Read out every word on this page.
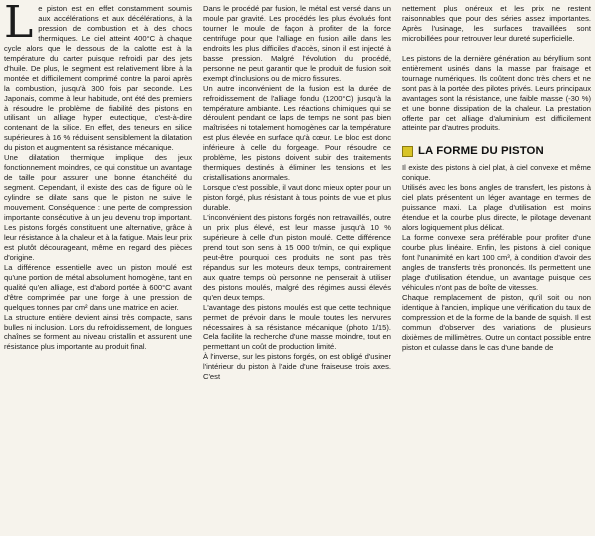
Le piston est en effet constamment soumis aux accélérations et aux décélérations, à la pression de combustion et à des chocs thermiques. Le ciel atteint 400°C à chaque cycle alors que le dessous de la calotte est à la température du carter puisque refroidi par des jets d'huile. De plus, le segment est relativement libre à la montée et difficilement comprimé contre la paroi après la combustion, jusqu'à 300 fois par seconde. Les Japonais, comme à leur habitude, ont été des premiers à résoudre le problème de fiabilité des pistons en utilisant un alliage hyper eutectique, c'est-à-dire contenant de la silice. En effet, des teneurs en silice supérieures à 16 % réduisent sensiblement la dilatation du piston et augmentent sa résistance mécanique.

Une dilatation thermique implique des jeux fonctionnement moindres, ce qui constitue un avantage de taille pour assurer une bonne étanchéité du segment. Cependant, il existe des cas de figure où le cylindre se dilate sans que le piston ne suive le mouvement. Conséquence : une perte de compression importante consécutive à un jeu devenu trop important. Les pistons forgés constituent une alternative, grâce à leur résistance à la chaleur et à la fatigue. Mais leur prix est plutôt décourageant, même en regard des pièces d'origine.

La différence essentielle avec un piston moulé est qu'une portion de métal absolument homogène, tant en qualité qu'en alliage, est d'abord portée à 600°C avant d'être comprimée par une forge à une pression de quelques tonnes par cm² dans une matrice en acier.

La structure entière devient ainsi très compacte, sans bulles ni inclusion. Lors du refroidissement, de longues chaînes se forment au niveau cristallin et assurent une résistance plus importante au produit final.

Dans le procédé par fusion, le métal est versé dans un moule par gravité. Les procédés les plus évolués font tourner le moule de façon à profiter de la force centrifuge pour que l'alliage en fusion aille dans les endroits les plus difficiles d'accès, sinon il est injecté à basse pression. Malgré l'évolution du procédé, personne ne peut garantir que le produit de fusion soit exempt d'inclusions ou de micro fissures.

Un autre inconvénient de la fusion est la durée de refroidissement de l'alliage fondu (1200°C) jusqu'à la température ambiante. Les réactions chimiques qui se déroulent pendant ce laps de temps ne sont pas bien maîtrisées ni totalement homogènes car la température est plus élevée en surface qu'à cœur. Le bloc est donc inférieure à celle du forgeage. Pour résoudre ce problème, les pistons doivent subir des traitements thermiques destinés à éliminer les tensions et les cristallisations anormales.

Lorsque c'est possible, il vaut donc mieux opter pour un piston forgé, plus résistant à tous points de vue et plus durable.

L'inconvénient des pistons forgés non retravaillés, outre un prix plus élevé, est leur masse jusqu'à 10 % supérieure à celle d'un piston moulé. Cette différence prend tout son sens à 15 000 tr/min, ce qui explique peut-être pourquoi ces produits ne sont pas très répandus sur les moteurs deux temps, contrairement aux quatre temps où personne ne penserait à utiliser des pistons moulés, malgré des régimes aussi élevés qu'en deux temps.

L'avantage des pistons moulés est que cette technique permet de prévoir dans le moule toutes les nervures nécessaires à sa résistance mécanique (photo 1/15). Cela facilite la recherche d'une masse moindre, tout en permettant un coût de production limité.

À l'inverse, sur les pistons forgés, on est obligé d'usiner l'intérieur du piston à l'aide d'une fraiseuse trois axes. C'est

nettement plus onéreux et les prix ne restent raisonnables que pour des séries assez importantes. Après l'usinage, les surfaces travaillées sont microbillées pour retrouver leur dureté superficielle.

Les pistons de la dernière génération au béryllium sont entièrement usinés dans la masse par fraisage et tournage numériques. Ils coûtent donc très chers et ne sont pas à la portée des pilotes privés. Leurs principaux avantages sont la résistance, une faible masse (-30 %) et une bonne dissipation de la chaleur. La prestation offerte par cet alliage d'aluminium est difficilement atteinte par d'autres produits.

LA FORME DU PISTON

Il existe des pistons à ciel plat, à ciel convexe et même conique.

Utilisés avec les bons angles de transfert, les pistons à ciel plats présentent un léger avantage en termes de puissance maxi. La plage d'utilisation est moins étendue et la courbe plus directe, le pilotage devenant alors logiquement plus délicat.

La forme convexe sera préférable pour profiter d'une courbe plus linéaire. Enfin, les pistons à ciel conique font l'unanimité en kart 100 cm³, à condition d'avoir des angles de transferts très prononcés. Ils permettent une plage d'utilisation étendue, un avantage puisque ces véhicules n'ont pas de boîte de vitesses.

Chaque remplacement de piston, qu'il soit ou non identique à l'ancien, implique une vérification du taux de compression et de la forme de la bande de squish. Il est commun d'observer des variations de plusieurs dixièmes de millimètres. Outre un contact possible entre piston et culasse dans le cas d'une bande de
